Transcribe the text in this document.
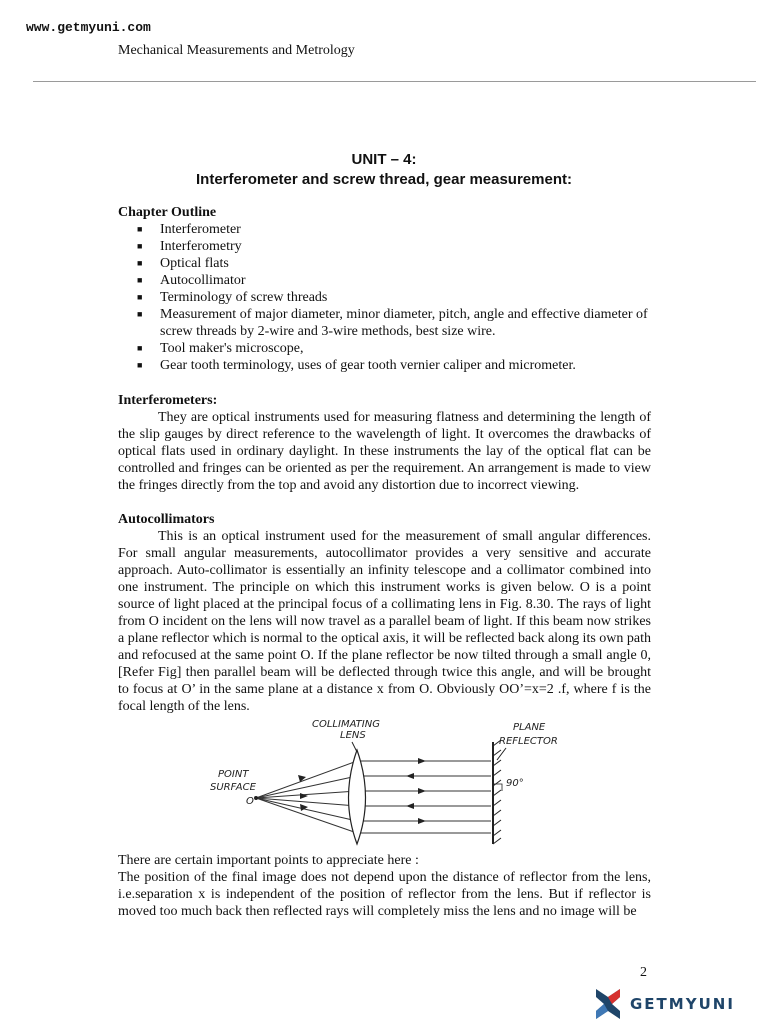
www.getmyuni.com
Mechanical Measurements and Metrology
UNIT – 4:
Interferometer and screw thread, gear measurement:
Chapter Outline
■ Interferometer
■ Interferometry
■ Optical flats
■ Autocollimator
■ Terminology of screw threads
■ Measurement of major diameter, minor diameter, pitch, angle and effective diameter of screw threads by 2-wire and 3-wire methods, best size wire.
■ Tool maker's microscope,
■ Gear tooth terminology, uses of gear tooth vernier caliper and micrometer.
Interferometers:

They are optical instruments used for measuring flatness and determining the length of the slip gauges by direct reference to the wavelength of light. It overcomes the drawbacks of optical flats used in ordinary daylight. In these instruments the lay of the optical flat can be controlled and fringes can be oriented as per the requirement. An arrangement is made to view the fringes directly from the top and avoid any distortion due to incorrect viewing.

Autocollimators

This is an optical instrument used for the measurement of small angular differences. For small angular measurements, autocollimator provides a very sensitive and accurate approach. Auto-collimator is essentially an infinity telescope and a collimator combined into one instrument. The principle on which this instrument works is given below. O is a point source of light placed at the principal focus of a collimating lens in Fig. 8.30. The rays of light from O incident on the lens will now travel as a parallel beam of light. If this beam now strikes a plane reflector which is normal to the optical axis, it will be reflected back along its own path and refocused at the same point O. If the plane reflector be now tilted through a small angle 0, [Refer Fig] then parallel beam will be deflected through twice this angle, and will be brought to focus at O’ in the same plane at a distance x from O. Obviously OO’=x=2 .f, where f is the focal length of the lens.

COLLIMATING
LENS
PLANE
REFLECTOR
POINT
SURFACE
O
90°

There are certain important points to appreciate here :

The position of the final image does not depend upon the distance of reflector from the lens, i.e.separation x is independent of the position of reflector from the lens. But if reflector is moved too much back then reflected rays will completely miss the lens and no image will be

2
GETMYUNI
